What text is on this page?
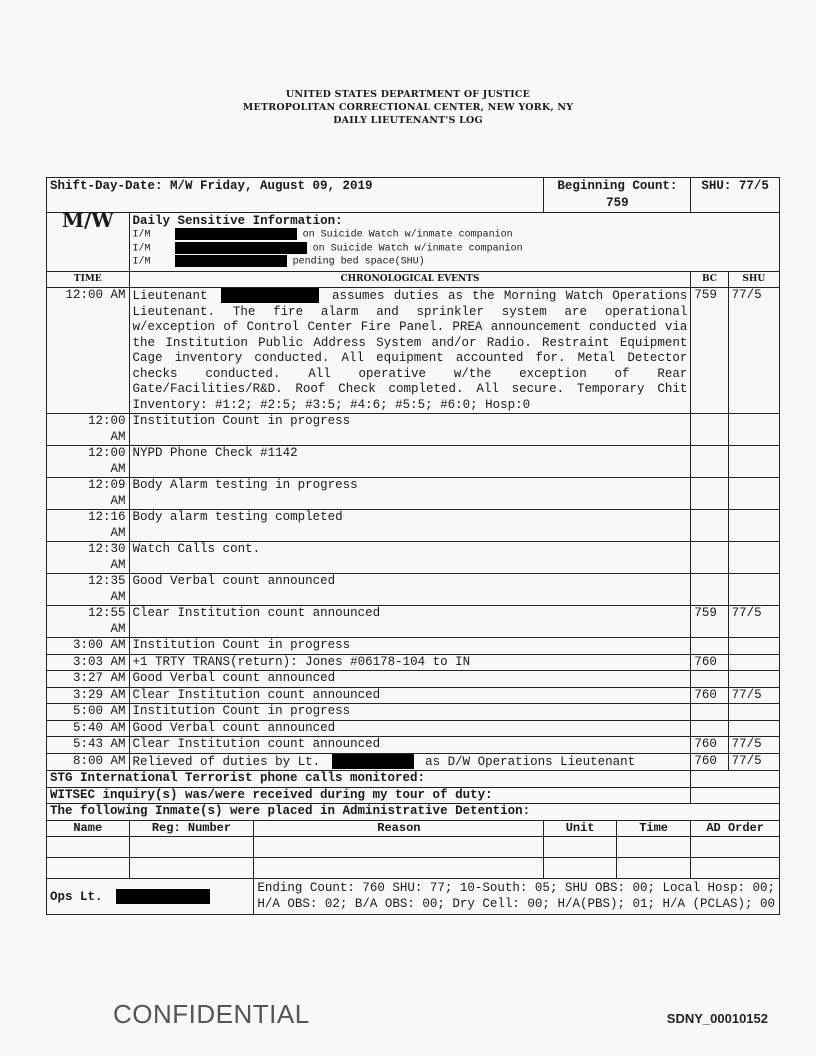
UNITED STATES DEPARTMENT OF JUSTICE
METROPOLITAN CORRECTIONAL CENTER, NEW YORK, NY
DAILY LIEUTENANT'S LOG
Shift-Day-Date: M/W Friday, August 09, 2019			Beginning Count: 759		SHU: 77/5	
M/W	Daily Sensitive Information:
I/M on Suicide Watch w/inmate companion
I/M on Suicide Watch w/inmate companion
I/M pending bed space(SHU)					

TIME	CHRONOLOGICAL EVENTS				BC	SHU
12:00 AM	Lieutenant assumes duties as the Morning Watch Operations Lieutenant. The fire alarm and sprinkler system are operational w/exception of Control Center Fire Panel. PREA announcement conducted via the Institution Public Address System and/or Radio. Restraint Equipment Cage inventory conducted. All equipment accounted for. Metal Detector checks conducted. All operative w/the exception of Rear Gate/Facilities/R&D. Roof Check completed. All secure. Temporary Chit Inventory: #1:2; #2:5; #3:5; #4:6; #5:5; #6:0; Hosp:0				759	77/5
12:00 AM	Institution Count in progress					
12:00 AM	NYPD Phone Check #1142					
12:09 AM	Body Alarm testing in progress					
12:16 AM	Body alarm testing completed					
12:30 AM	Watch Calls cont.					
12:35 AM	Good Verbal count announced					
12:55 AM	Clear Institution count announced				759	77/5
3:00 AM	Institution Count in progress					
3:03 AM	+1 TRTY TRANS(return): Jones #06178-104 to IN				760	
3:27 AM	Good Verbal count announced					
3:29 AM	Clear Institution count announced				760	77/5
5:00 AM	Institution Count in progress					
5:40 AM	Good Verbal count announced					
5:43 AM	Clear Institution count announced				760	77/5
8:00 AM	Relieved of duties by Lt. as D/W Operations Lieutenant				760	77/5
STG International Terrorist phone calls monitored:						
WITSEC inquiry(s) was/were received during my tour of duty:						
The following Inmate(s) were placed in Administrative Detention:						
Name	Reg: Number	Reason	Unit	Time	AD Order	

Ops Lt.		Ending Count: 760 SHU: 77; 10-South: 05; SHU OBS: 00; Local Hosp: 00; H/A OBS: 02; B/A OBS: 00; Dry Cell: 00; H/A(PBS); 01; H/A (PCLAS); 00				
CONFIDENTIAL	SDNY_00010152
